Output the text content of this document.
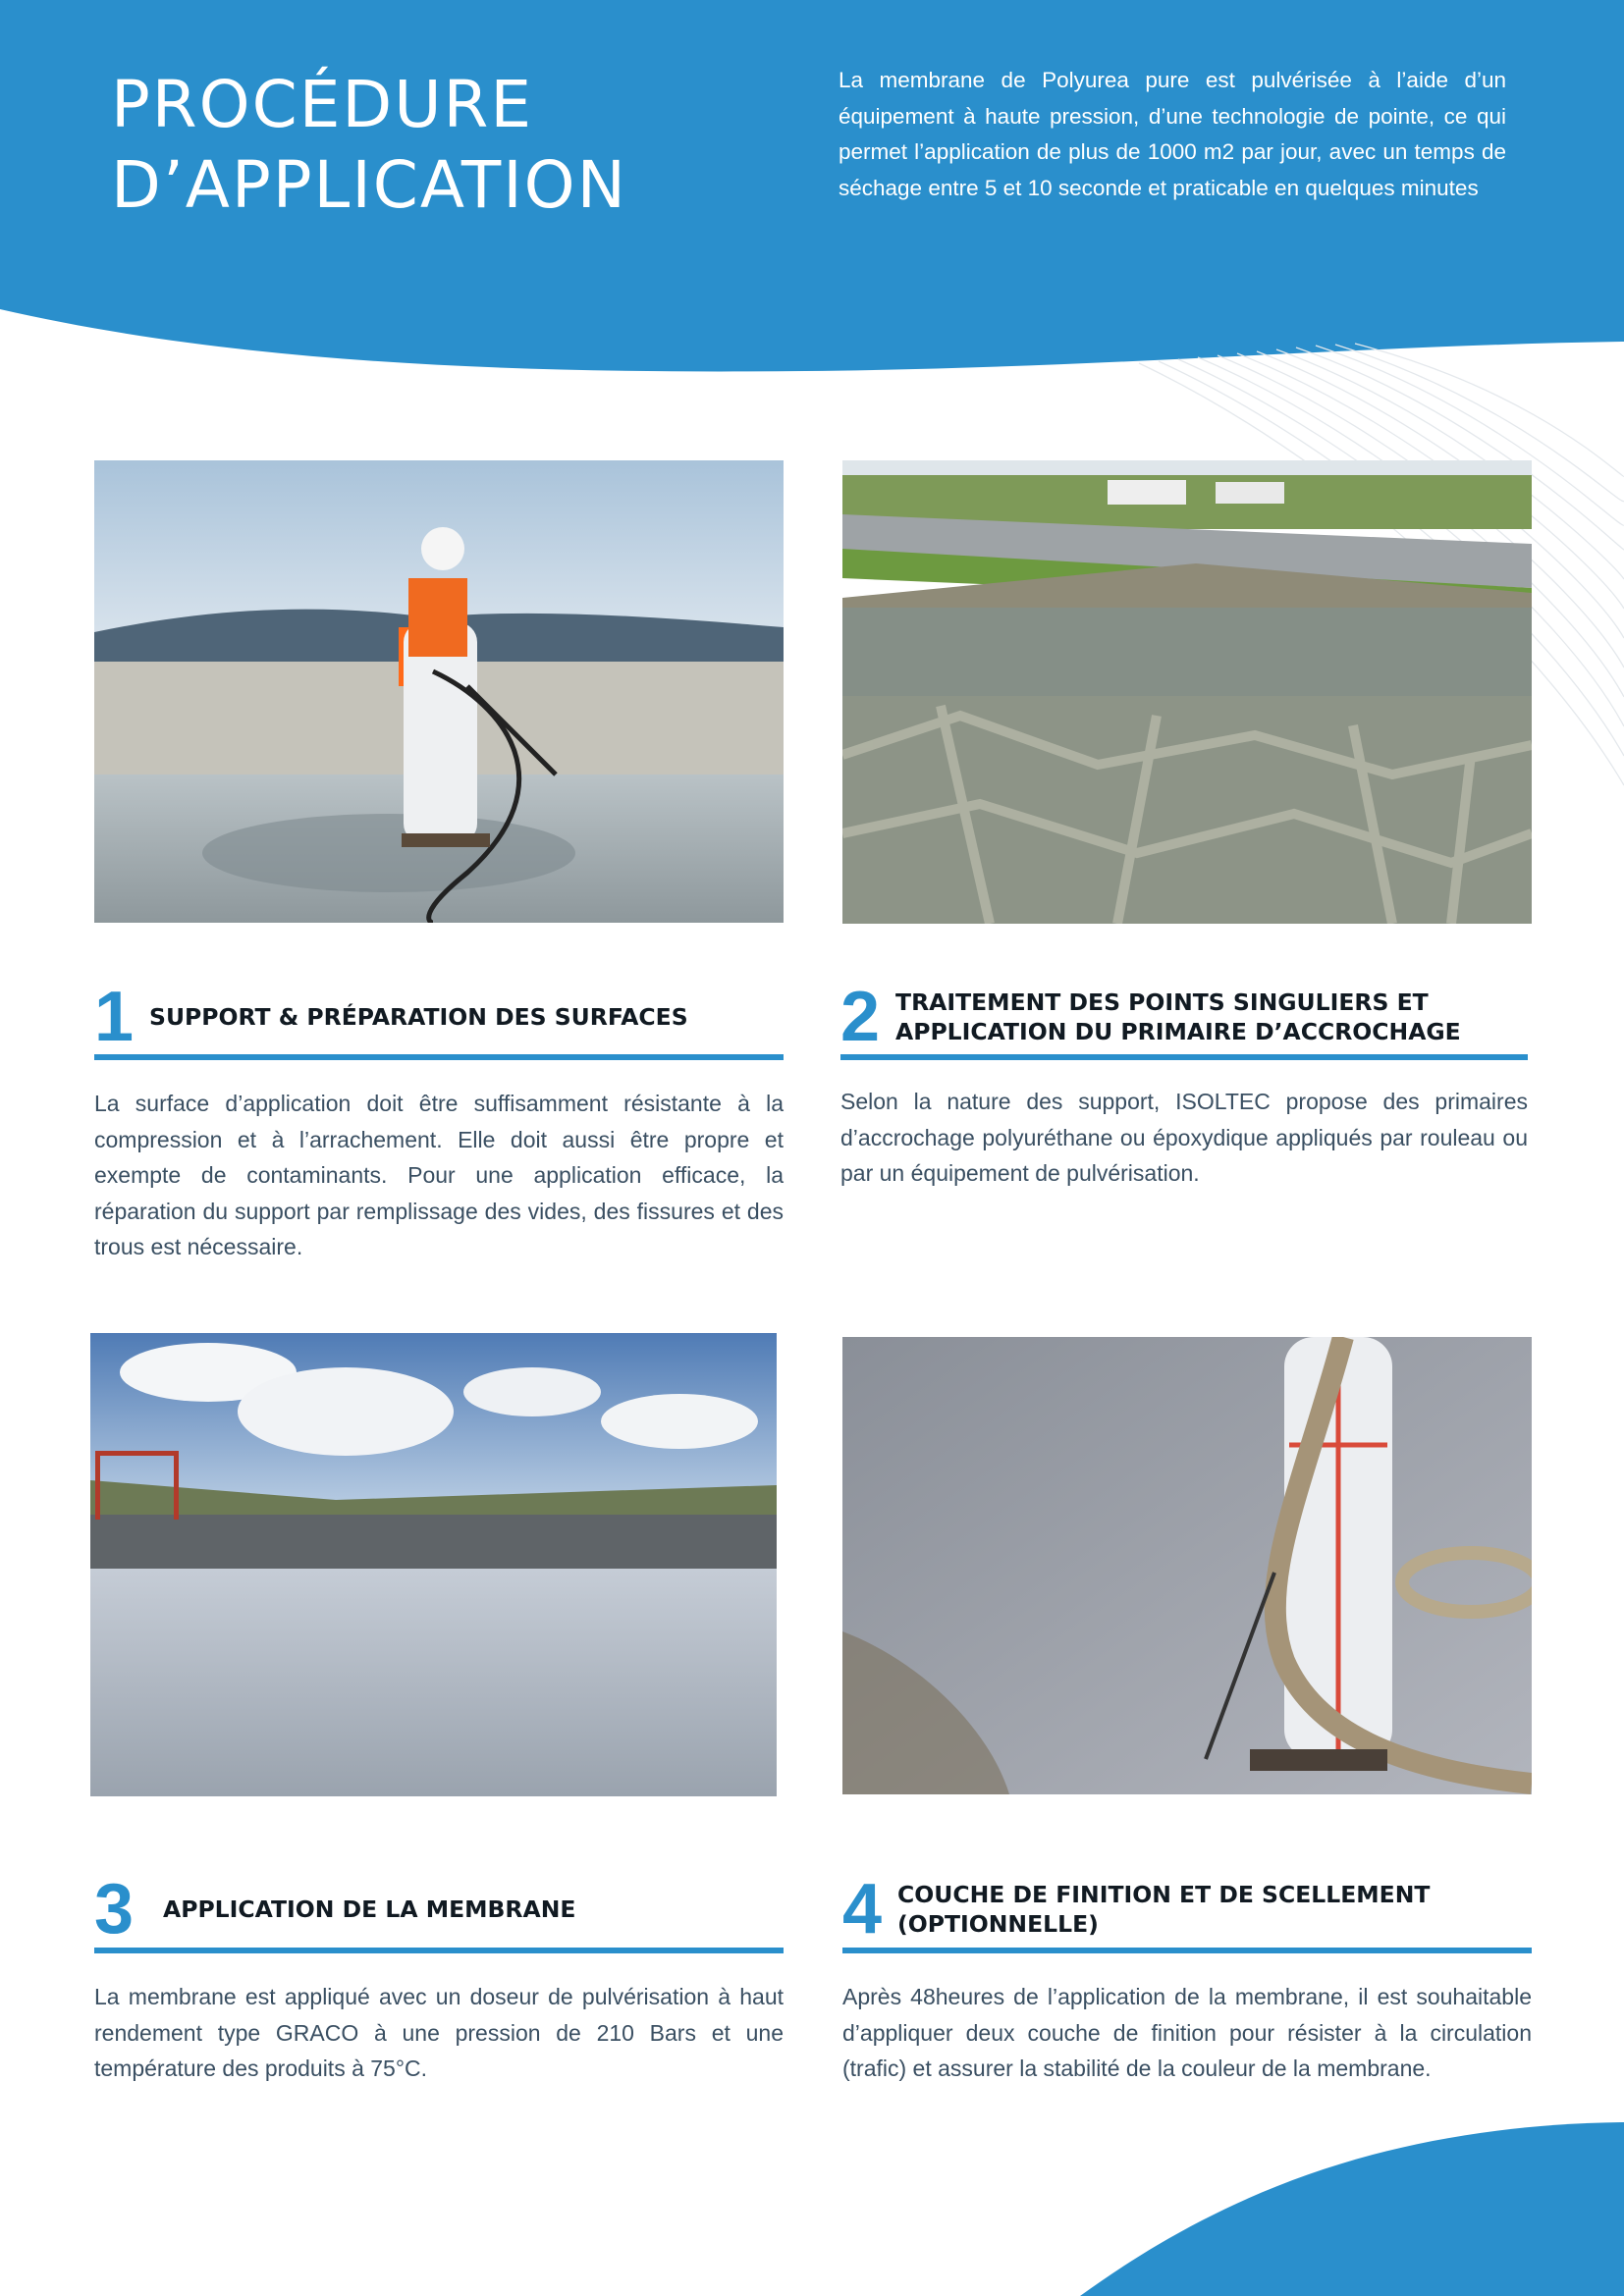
PROCÉDURE
D’APPLICATION

La membrane de Polyurea pure est pulvérisée à l’aide d’un équipement à haute pression, d’une technologie de pointe, ce qui permet l’application de plus de 1000 m2 par jour, avec un temps de séchage entre 5 et 10 seconde et praticable en quelques minutes

1 SUPPORT & PRÉPARATION DES SURFACES

La surface d’application doit être suffisamment résistante à la compression et à l’arrachement. Elle doit aussi être propre et exempte de contaminants. Pour une application efficace, la réparation du support par remplissage des vides, des fissures et des trous est nécessaire.

2 TRAITEMENT DES POINTS SINGULIERS ET
APPLICATION DU PRIMAIRE D’ACCROCHAGE

Selon la nature des support, ISOLTEC propose des primaires d’accrochage polyuréthane ou époxydique appliqués par rouleau ou par un équipement de pulvérisation.

3 APPLICATION DE LA MEMBRANE

La membrane est appliqué avec un doseur de pulvérisation à haut rendement type GRACO à une pression de 210 Bars et une température des produits à 75°C.

4 COUCHE DE FINITION ET DE SCELLEMENT
(OPTIONNELLE)

Après 48heures de l’application de la membrane, il est souhaitable d’appliquer deux couche de finition pour résister à la circulation (trafic) et assurer la stabilité de la couleur de la membrane.
